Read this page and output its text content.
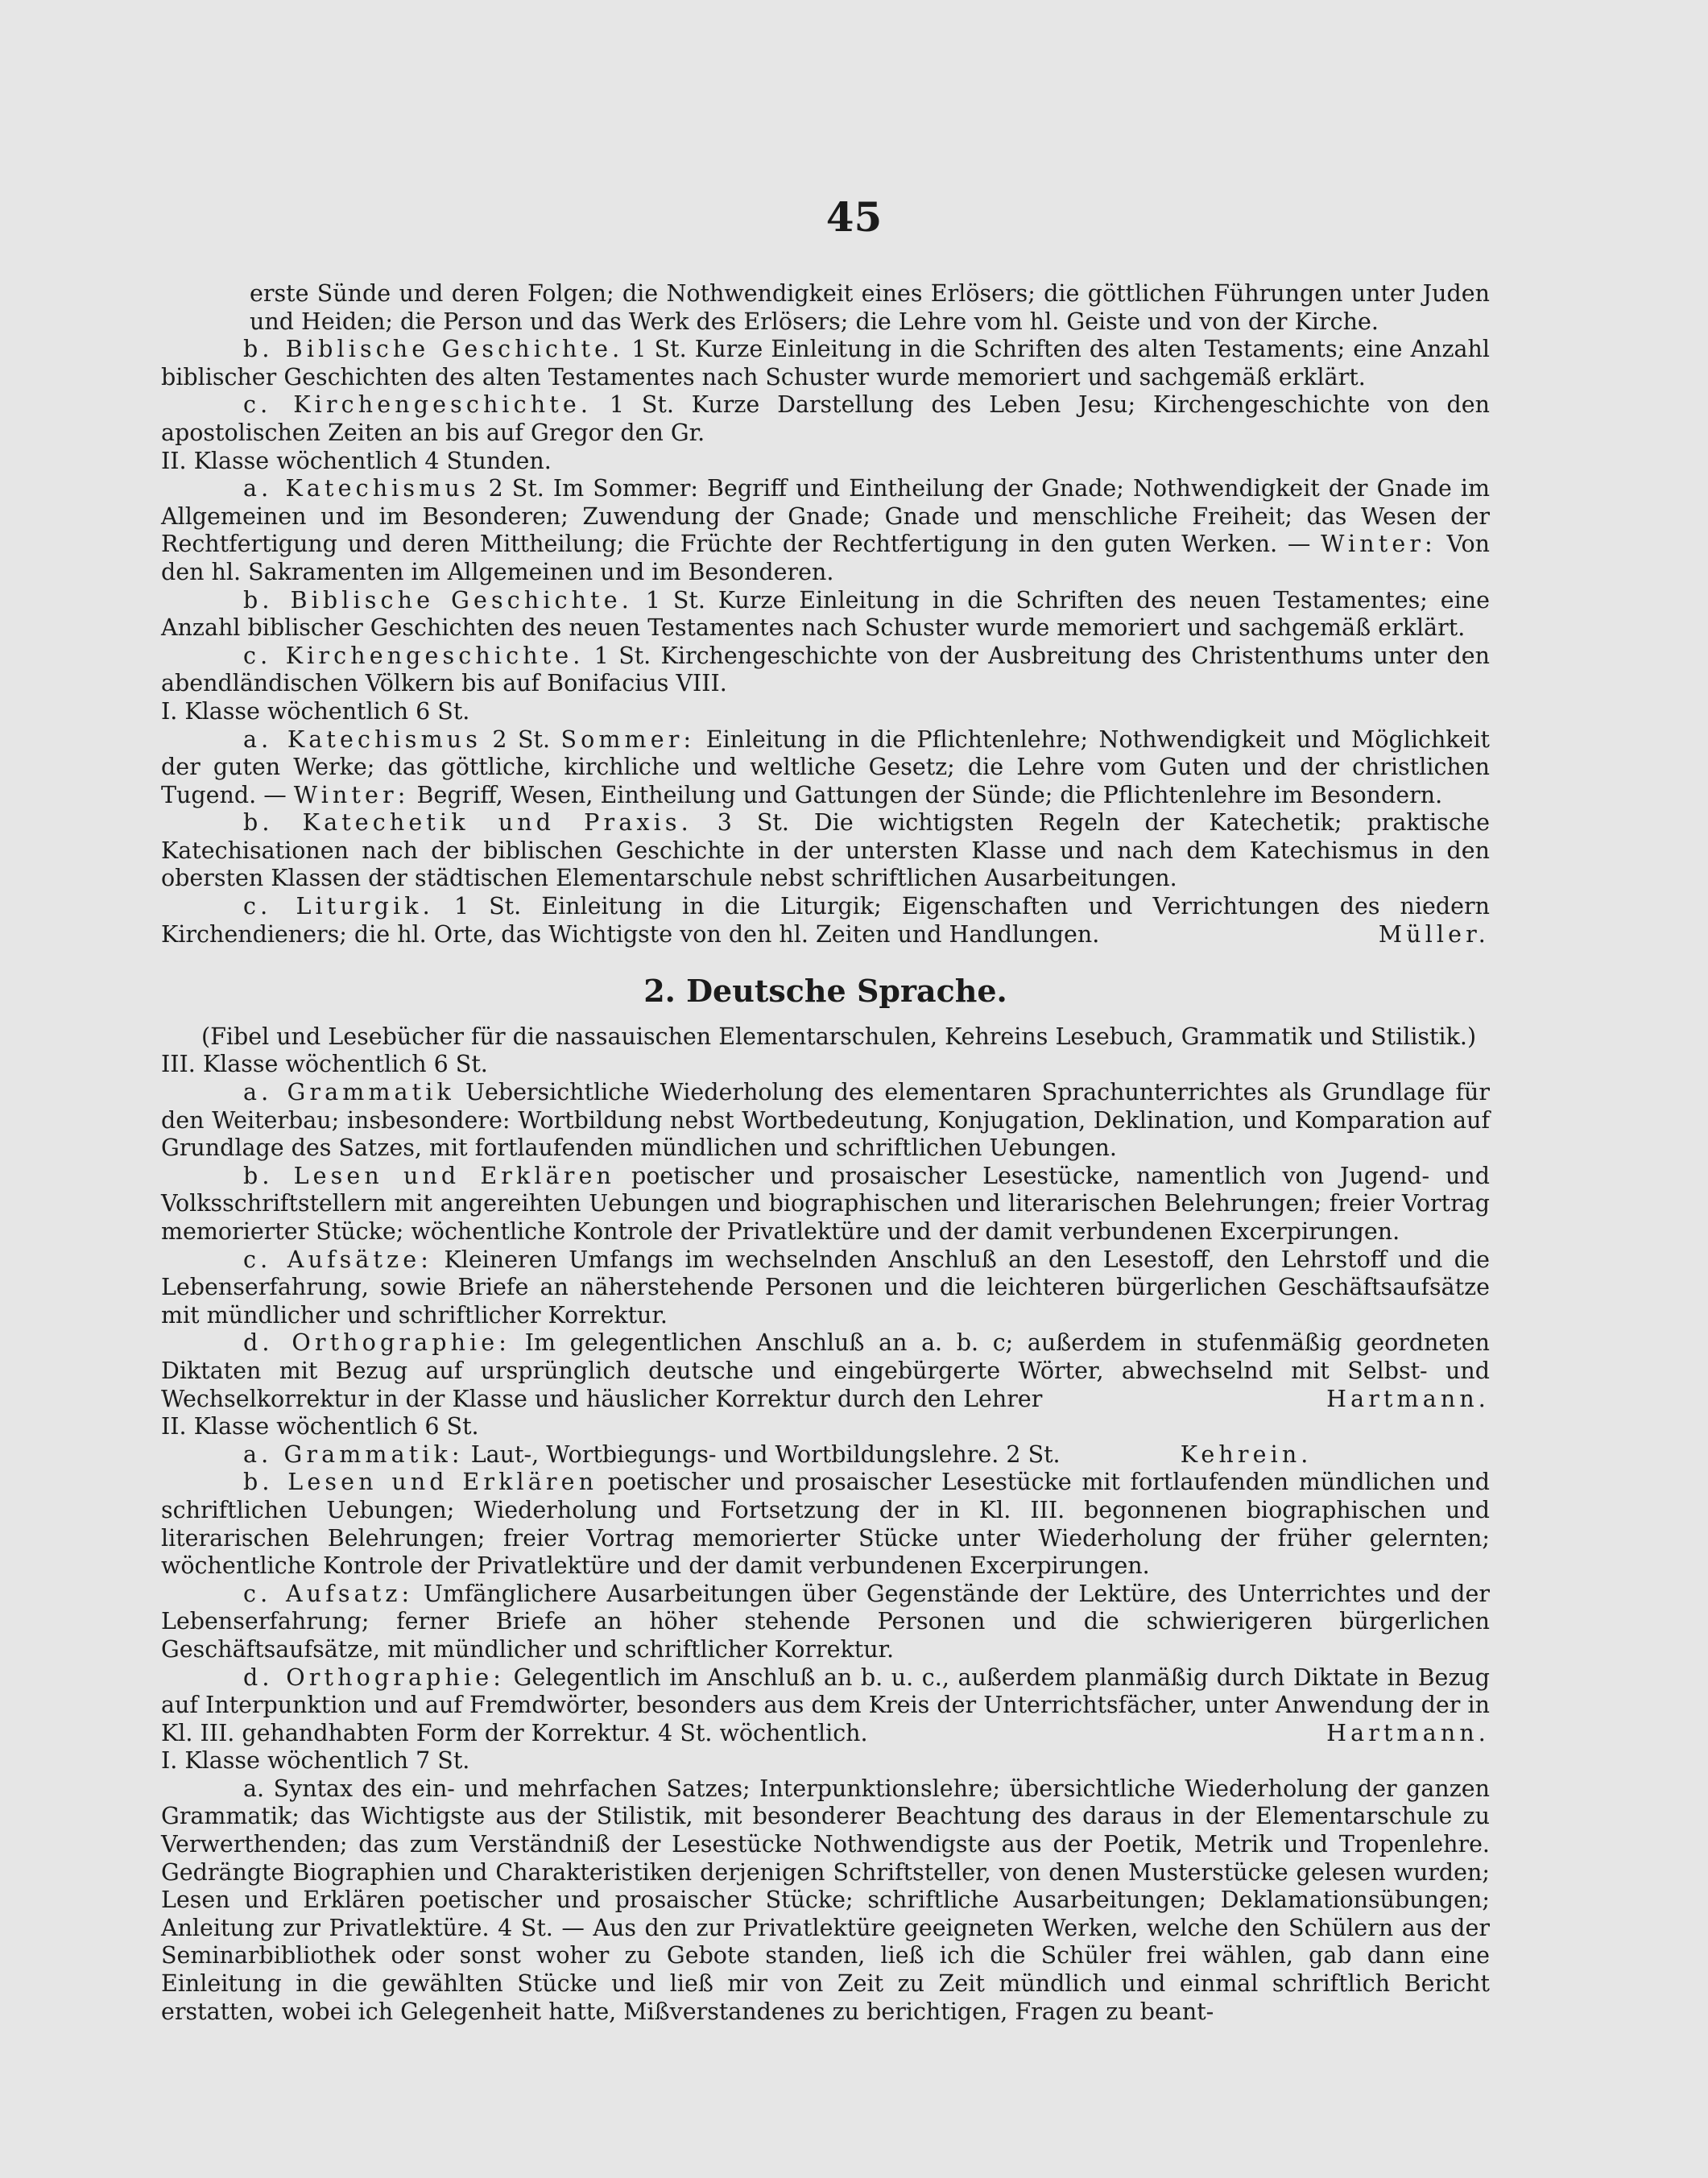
45

erste Sünde und deren Folgen; die Nothwendigkeit eines Erlösers; die göttlichen Führungen unter Juden und Heiden; die Person und das Werk des Erlösers; die Lehre vom hl. Geiste und von der Kirche.

b. Biblische Geschichte. 1 St. Kurze Einleitung in die Schriften des alten Testaments; eine Anzahl biblischer Geschichten des alten Testamentes nach Schuster wurde memoriert und sachgemäß erklärt.

c. Kirchengeschichte. 1 St. Kurze Darstellung des Leben Jesu; Kirchengeschichte von den apostolischen Zeiten an bis auf Gregor den Gr.

II. Klasse wöchentlich 4 Stunden.

a. Katechismus 2 St. Im Sommer: Begriff und Eintheilung der Gnade; Nothwendigkeit der Gnade im Allgemeinen und im Besonderen; Zuwendung der Gnade; Gnade und menschliche Freiheit; das Wesen der Rechtfertigung und deren Mittheilung; die Früchte der Rechtfertigung in den guten Werken. — Winter: Von den hl. Sakramenten im Allgemeinen und im Besonderen.

b. Biblische Geschichte. 1 St. Kurze Einleitung in die Schriften des neuen Testamentes; eine Anzahl biblischer Geschichten des neuen Testamentes nach Schuster wurde memoriert und sachgemäß erklärt.

c. Kirchengeschichte. 1 St. Kirchengeschichte von der Ausbreitung des Christenthums unter den abendländischen Völkern bis auf Bonifacius VIII.

I. Klasse wöchentlich 6 St.

a. Katechismus 2 St. Sommer: Einleitung in die Pflichtenlehre; Nothwendigkeit und Möglichkeit der guten Werke; das göttliche, kirchliche und weltliche Gesetz; die Lehre vom Guten und der christlichen Tugend. — Winter: Begriff, Wesen, Eintheilung und Gattungen der Sünde; die Pflichtenlehre im Besondern.

b. Katechetik und Praxis. 3 St. Die wichtigsten Regeln der Katechetik; praktische Katechisationen nach der biblischen Geschichte in der untersten Klasse und nach dem Katechismus in den obersten Klassen der städtischen Elementarschule nebst schriftlichen Ausarbeitungen.

c. Liturgik. 1 St. Einleitung in die Liturgik; Eigenschaften und Verrichtungen des niedern Kirchendieners; die hl. Orte, das Wichtigste von den hl. Zeiten und Handlungen.	Müller.

2. Deutsche Sprache.

(Fibel und Lesebücher für die nassauischen Elementarschulen, Kehreins Lesebuch, Grammatik und Stilistik.)

III. Klasse wöchentlich 6 St.

a. Grammatik Uebersichtliche Wiederholung des elementaren Sprachunterrichtes als Grundlage für den Weiterbau; insbesondere: Wortbildung nebst Wortbedeutung, Konjugation, Deklination, und Komparation auf Grundlage des Satzes, mit fortlaufenden mündlichen und schriftlichen Uebungen.

b. Lesen und Erklären poetischer und prosaischer Lesestücke, namentlich von Jugend- und Volksschriftstellern mit angereihten Uebungen und biographischen und literarischen Belehrungen; freier Vortrag memorierter Stücke; wöchentliche Kontrole der Privatlektüre und der damit verbundenen Excerpirungen.

c. Aufsätze: Kleineren Umfangs im wechselnden Anschluß an den Lesestoff, den Lehrstoff und die Lebenserfahrung, sowie Briefe an näherstehende Personen und die leichteren bürgerlichen Geschäftsaufsätze mit mündlicher und schriftlicher Korrektur.

d. Orthographie: Im gelegentlichen Anschluß an a. b. c; außerdem in stufenmäßig geordneten Diktaten mit Bezug auf ursprünglich deutsche und eingebürgerte Wörter, abwechselnd mit Selbst- und Wechselkorrektur in der Klasse und häuslicher Korrektur durch den Lehrer	Hartmann.

II. Klasse wöchentlich 6 St.

a. Grammatik: Laut-, Wortbiegungs- und Wortbildungslehre. 2 St.	Kehrein.

b. Lesen und Erklären poetischer und prosaischer Lesestücke mit fortlaufenden mündlichen und schriftlichen Uebungen; Wiederholung und Fortsetzung der in Kl. III. begonnenen biographischen und literarischen Belehrungen; freier Vortrag memorierter Stücke unter Wiederholung der früher gelernten; wöchentliche Kontrole der Privatlektüre und der damit verbundenen Excerpirungen.

c. Aufsatz: Umfänglichere Ausarbeitungen über Gegenstände der Lektüre, des Unterrichtes und der Lebenserfahrung; ferner Briefe an höher stehende Personen und die schwierigeren bürgerlichen Geschäftsaufsätze, mit mündlicher und schriftlicher Korrektur.

d. Orthographie: Gelegentlich im Anschluß an b. u. c., außerdem planmäßig durch Diktate in Bezug auf Interpunktion und auf Fremdwörter, besonders aus dem Kreis der Unterrichtsfächer, unter Anwendung der in Kl. III. gehandhabten Form der Korrektur. 4 St. wöchentlich.	Hartmann.

I. Klasse wöchentlich 7 St.

a. Syntax des ein- und mehrfachen Satzes; Interpunktionslehre; übersichtliche Wiederholung der ganzen Grammatik; das Wichtigste aus der Stilistik, mit besonderer Beachtung des daraus in der Elementarschule zu Verwerthenden; das zum Verständniß der Lesestücke Nothwendigste aus der Poetik, Metrik und Tropenlehre. Gedrängte Biographien und Charakteristiken derjenigen Schriftsteller, von denen Musterstücke gelesen wurden; Lesen und Erklären poetischer und prosaischer Stücke; schriftliche Ausarbeitungen; Deklamationsübungen; Anleitung zur Privatlektüre. 4 St. — Aus den zur Privatlektüre geeigneten Werken, welche den Schülern aus der Seminarbibliothek oder sonst woher zu Gebote standen, ließ ich die Schüler frei wählen, gab dann eine Einleitung in die gewählten Stücke und ließ mir von Zeit zu Zeit mündlich und einmal schriftlich Bericht erstatten, wobei ich Gelegenheit hatte, Mißverstandenes zu berichtigen, Fragen zu beant-
